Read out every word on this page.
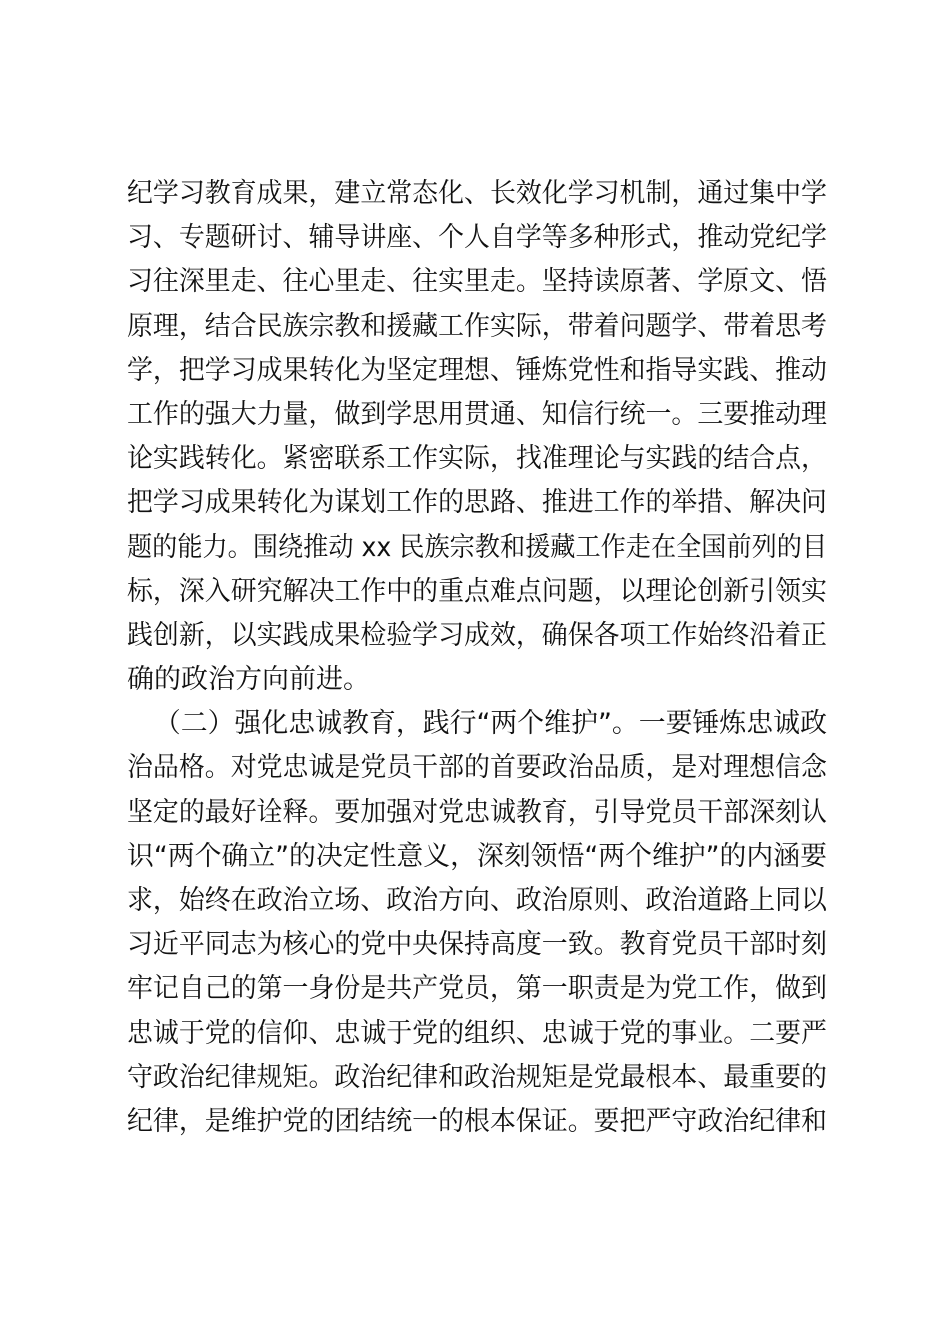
纪学习教育成果，建立常态化、长效化学习机制，通过集中学
习、专题研讨、辅导讲座、个人自学等多种形式，推动党纪学
习往深里走、往心里走、往实里走。坚持读原著、学原文、悟
原理，结合民族宗教和援藏工作实际，带着问题学、带着思考
学，把学习成果转化为坚定理想、锤炼党性和指导实践、推动
工作的强大力量，做到学思用贯通、知信行统一。三要推动理
论实践转化。紧密联系工作实际，找准理论与实践的结合点，
把学习成果转化为谋划工作的思路、推进工作的举措、解决问
题的能力。围绕推动 xx 民族宗教和援藏工作走在全国前列的目
标，深入研究解决工作中的重点难点问题，以理论创新引领实
践创新，以实践成果检验学习成效，确保各项工作始终沿着正
确的政治方向前进。
（二）强化忠诚教育，践行“两个维护”。一要锤炼忠诚政
治品格。对党忠诚是党员干部的首要政治品质，是对理想信念
坚定的最好诠释。要加强对党忠诚教育，引导党员干部深刻认
识“两个确立”的决定性意义，深刻领悟“两个维护”的内涵要
求，始终在政治立场、政治方向、政治原则、政治道路上同以
习近平同志为核心的党中央保持高度一致。教育党员干部时刻
牢记自己的第一身份是共产党员，第一职责是为党工作，做到
忠诚于党的信仰、忠诚于党的组织、忠诚于党的事业。二要严
守政治纪律规矩。政治纪律和政治规矩是党最根本、最重要的
纪律，是维护党的团结统一的根本保证。要把严守政治纪律和
